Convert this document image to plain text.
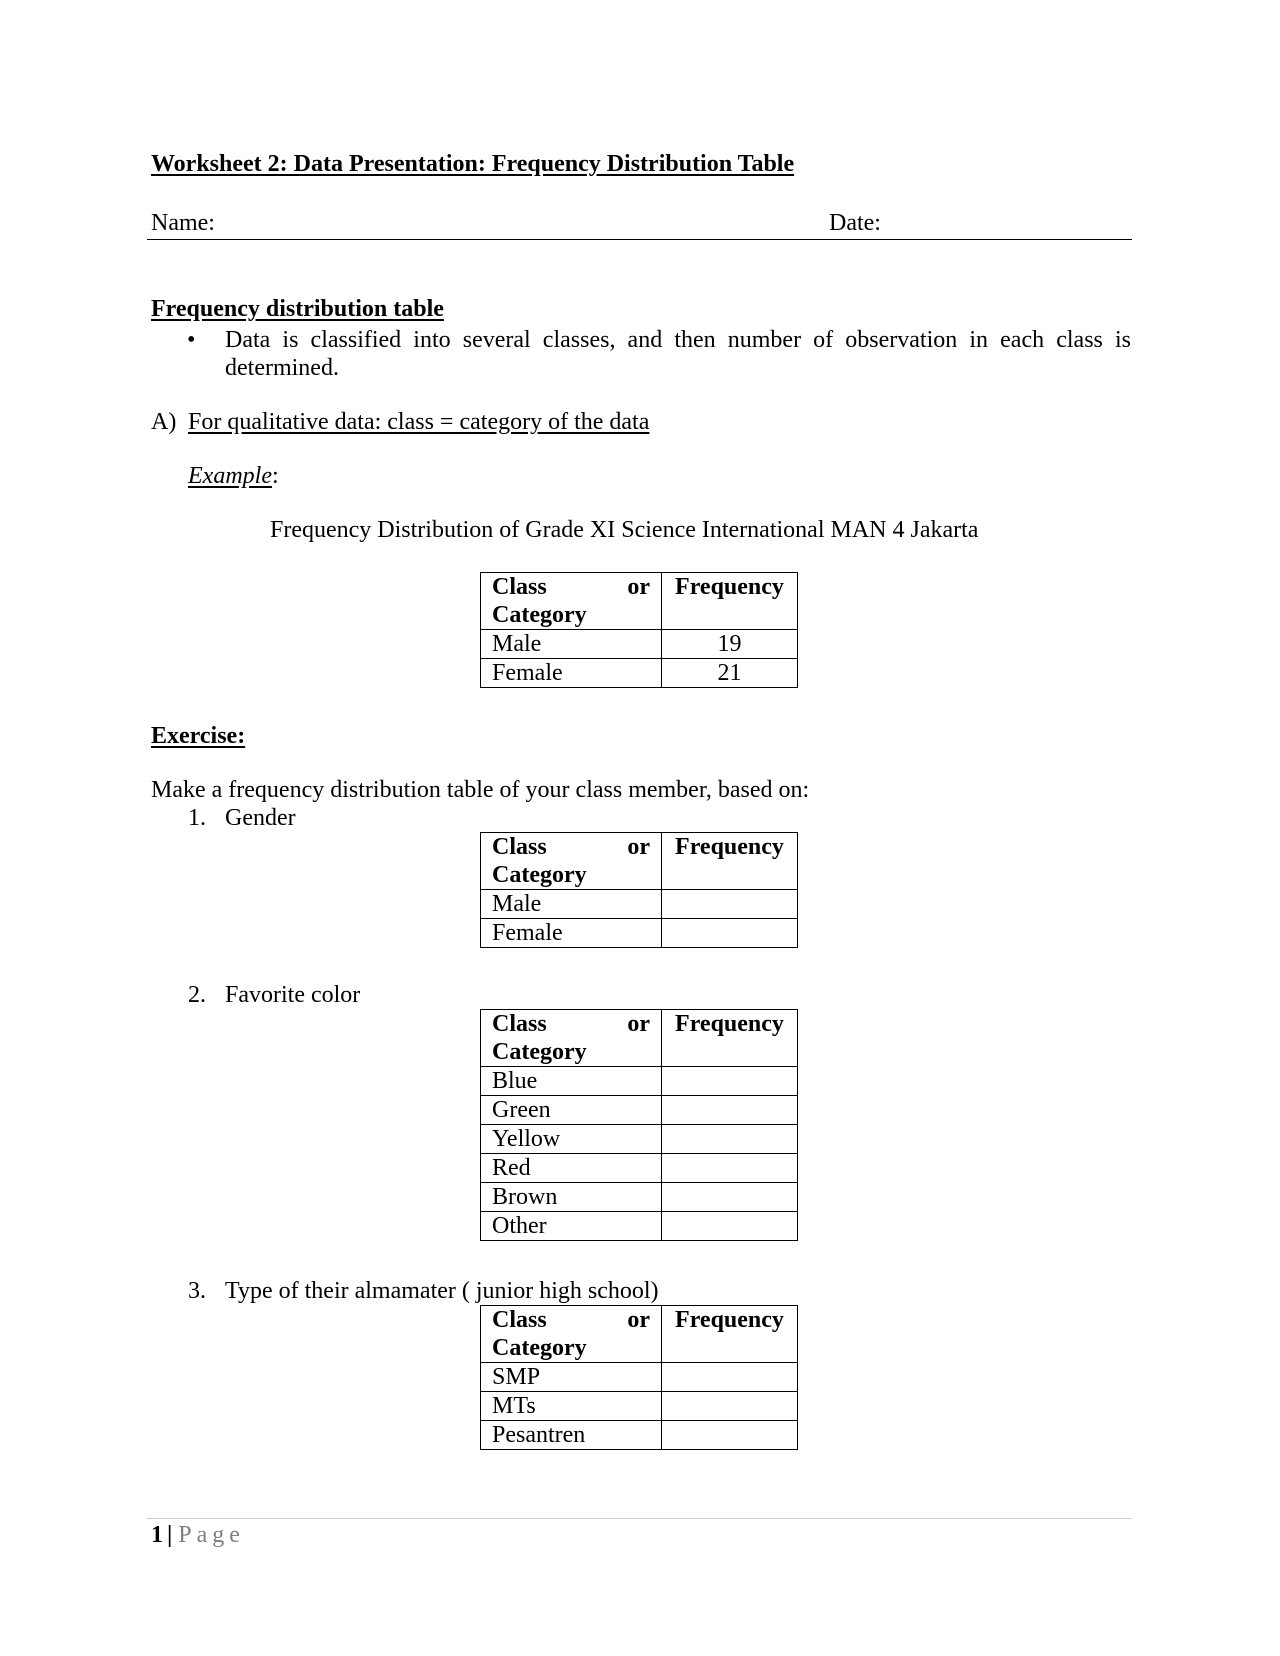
Worksheet 2: Data Presentation: Frequency Distribution Table
Name:	Date:
Frequency distribution table
• Data is classified into several classes, and then number of observation in each class is determined.
A) For qualitative data: class = category of the data
Example:
Frequency Distribution of Grade XI Science International MAN 4 Jakarta
Class or
Category	Frequency
Male	19
Female	21
Exercise:
Make a frequency distribution table of your class member, based on:
1. Gender
Class or
Category	Frequency
Male	
Female	
2. Favorite color
Class or
Category	Frequency
Blue	
Green	
Yellow	
Red	
Brown	
Other	
3. Type of their almamater ( junior high school)
Class or
Category	Frequency
SMP	
MTs	
Pesantren	
1 | Page
